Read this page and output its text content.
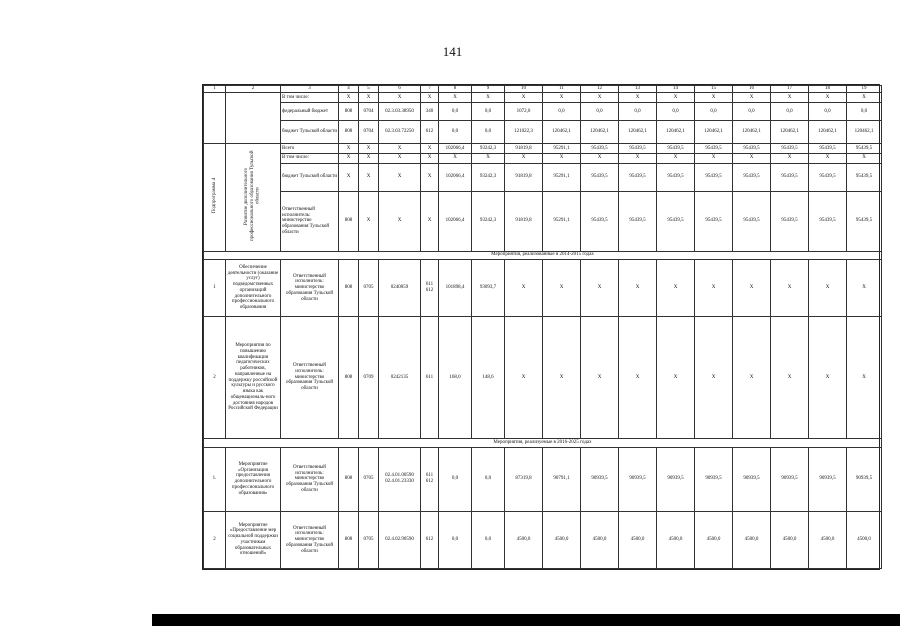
141
1	2	3	4	5	6	7	8	9	10	11	12	13	14	15	16	17	18	19
		В том числе:	Х	Х	Х	Х	Х	Х	Х	Х	Х	Х	Х	Х	Х	Х	Х	Х
		федеральный бюджет	808	0704	02.3.03.38950	340	0,0	0,0	1072,0	0,0	0,0	0,0	0,0	0,0	0,0	0,0	0,0	0,0
		бюджет Тульской области	808	0704	02.3.03.72250	612	0,0	0,0	121022,3	120462,1	120462,1	120462,1	120462,1	120462,1	120462,1	120462,1	120462,1	120462,1
Подпрограмма 4	Развитие дополнительного профессионального образования Тульской области	Всего	Х	Х	Х	Х	102066,4	93242,3	91819,8	95291,1	95439,5	95439,5	95439,5	95439,5	95439,5	95439,5	95439,5	95439,5
		В том числе:	Х	Х	Х	Х	Х	Х	Х	Х	Х	Х	Х	Х	Х	Х	Х	Х
		бюджет Тульской области	Х	Х	Х	Х	102066,4	93242,3	91819,8	95291,1	95439,5	95439,5	95439,5	95439,5	95439,5	95439,5	95439,5	95439,5
		Ответственный исполнитель: министерство образования Тульской области	808	Х	Х	Х	102066,4	93242,3	91819,8	95291,1	95439,5	95439,5	95439,5	95439,5	95439,5	95439,5	95439,5	95439,5
Мероприятия, реализованные в 2014-2015 годах																		
1	Обеспечение деятельности (оказание услуг) подведомственных организаций дополнительного профессионального образования	Ответственный исполнитель: министерство образования Тульской области	808	0705	0240059	611 612	101898,4	93093,7	Х	Х	Х	Х	Х	Х	Х	Х	Х	Х
2	Мероприятия по повышению квалификации педагогических работников, направленные на поддержку российской культуры и русского языка как общенациональ-ного достояния народов Российской Федерации	Ответственный исполнитель: министерство образования Тульской области	808	0709	0242135	611	168,0	148,6	Х	Х	Х	Х	Х	Х	Х	Х	Х	Х
Мероприятия, реализуемые в 2016-2025 годах																		
1.	Мероприятие «Организация предоставления дополнительного профессионального образования»	Ответственный исполнитель: министерство образования Тульской области	808	0705	02.4.01.00590 02.4.01.23330	611 612	0,0	0,0	87319,8	90791,1	90939,5	90939,5	90939,5	90939,5	90939,5	90939,5	90939,5	90939,5
2	Мероприятие «Предоставление мер социальной поддержки участникам образовательных отношений»	Ответственный исполнитель: министерство образования Тульской области	808	0705	02.4.02.90590	612	0,0	0,0	4500,0	4500,0	4500,0	4500,0	4500,0	4500,0	4500,0	4500,0	4500,0	4500,0
